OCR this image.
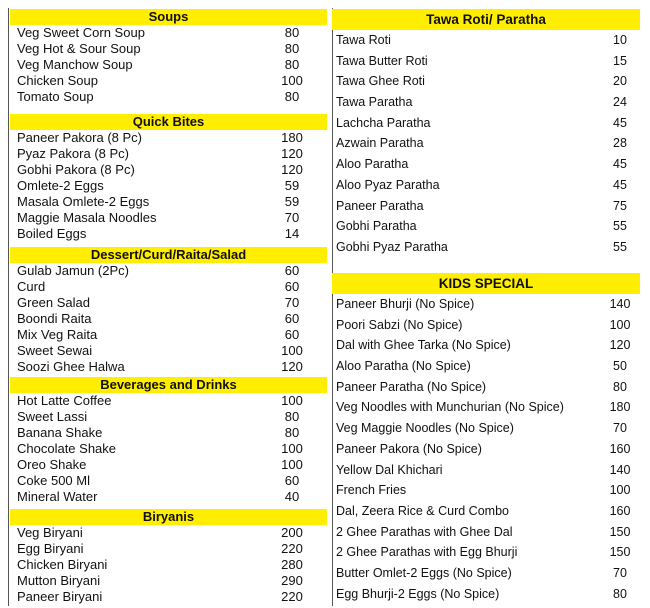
Soups
Veg Sweet Corn Soup	80
Veg Hot & Sour Soup	80
Veg Manchow Soup	80
Chicken Soup	100
Tomato Soup	80
Quick Bites
Paneer Pakora (8 Pc)	180
Pyaz Pakora (8 Pc)	120
Gobhi Pakora (8 Pc)	120
Omlete-2 Eggs	59
Masala Omlete-2 Eggs	59
Maggie Masala Noodles	70
Boiled Eggs	14
Dessert/Curd/Raita/Salad
Gulab Jamun (2Pc)	60
Curd	60
Green Salad	70
Boondi Raita	60
Mix Veg Raita	60
Sweet Sewai	100
Soozi Ghee Halwa	120
Beverages and Drinks
Hot Latte Coffee	100
Sweet Lassi	80
Banana Shake	80
Chocolate Shake	100
Oreo Shake	100
Coke 500 Ml	60
Mineral Water	40
Biryanis
Veg Biryani	200
Egg Biryani	220
Chicken Biryani	280
Mutton Biryani	290
Paneer Biryani	220
Tawa Roti/ Paratha
Tawa Roti	10
Tawa Butter Roti	15
Tawa Ghee Roti	20
Tawa Paratha	24
Lachcha Paratha	45
Azwain Paratha	28
Aloo Paratha	45
Aloo Pyaz Paratha	45
Paneer Paratha	75
Gobhi Paratha	55
Gobhi Pyaz Paratha	55
KIDS SPECIAL
Paneer Bhurji (No Spice)	140
Poori Sabzi (No Spice)	100
Dal with Ghee Tarka (No Spice)	120
Aloo Paratha (No Spice)	50
Paneer Paratha (No Spice)	80
Veg Noodles with Munchurian (No Spice)	180
Veg Maggie Noodles (No Spice)	70
Paneer Pakora (No Spice)	160
Yellow Dal Khichari	140
French Fries	100
Dal, Zeera Rice & Curd Combo	160
2 Ghee Parathas with Ghee Dal	150
2 Ghee Parathas with Egg Bhurji	150
Butter Omlet-2 Eggs (No Spice)	70
Egg Bhurji-2 Eggs (No Spice)	80
